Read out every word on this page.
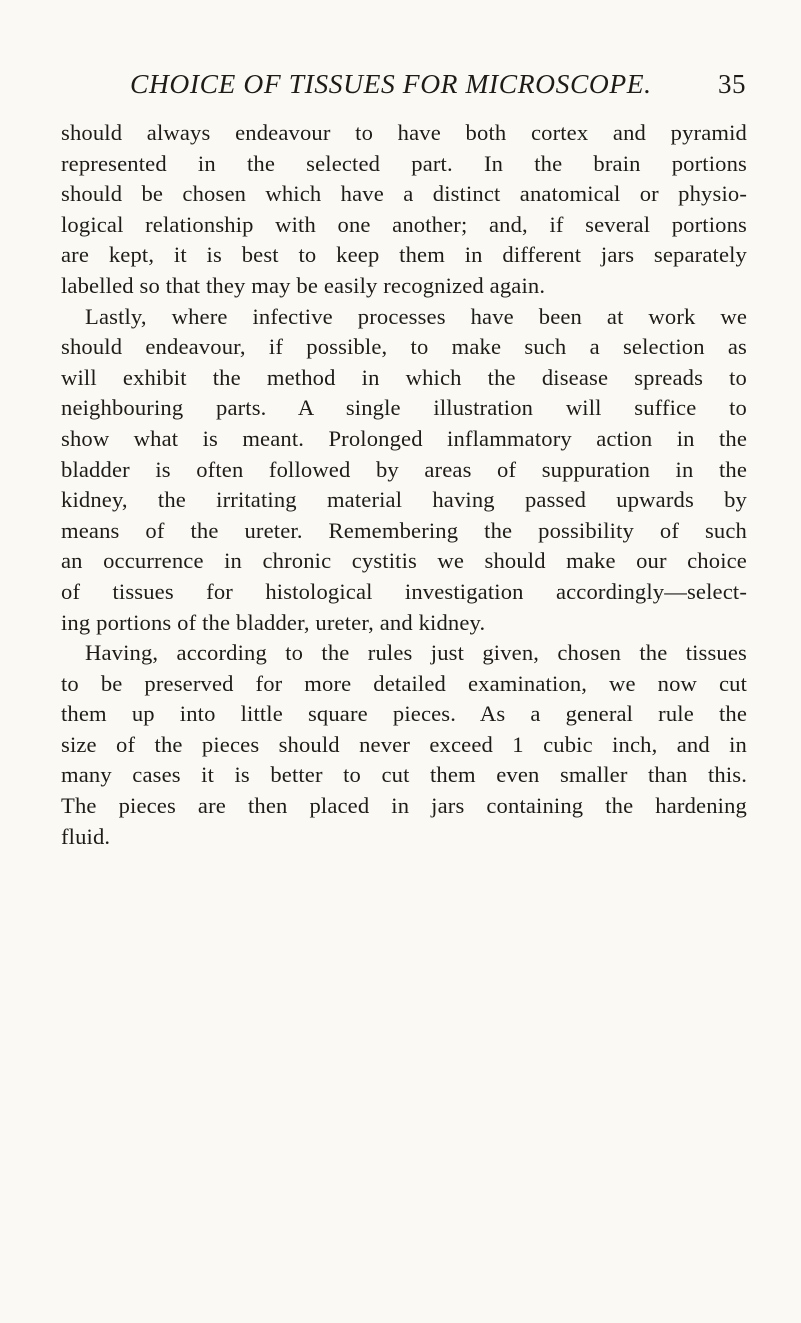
CHOICE OF TISSUES FOR MICROSCOPE. 35
should always endeavour to have both cortex and pyramid
represented in the selected part. In the brain portions
should be chosen which have a distinct anatomical or physio-
logical relationship with one another; and, if several portions
are kept, it is best to keep them in different jars separately
labelled so that they may be easily recognized again.
Lastly, where infective processes have been at work we
should endeavour, if possible, to make such a selection as
will exhibit the method in which the disease spreads to
neighbouring parts. A single illustration will suffice to
show what is meant. Prolonged inflammatory action in the
bladder is often followed by areas of suppuration in the
kidney, the irritating material having passed upwards by
means of the ureter. Remembering the possibility of such
an occurrence in chronic cystitis we should make our choice
of tissues for histological investigation accordingly—select-
ing portions of the bladder, ureter, and kidney.
Having, according to the rules just given, chosen the tissues
to be preserved for more detailed examination, we now cut
them up into little square pieces. As a general rule the
size of the pieces should never exceed 1 cubic inch, and in
many cases it is better to cut them even smaller than this.
The pieces are then placed in jars containing the hardening
fluid.
